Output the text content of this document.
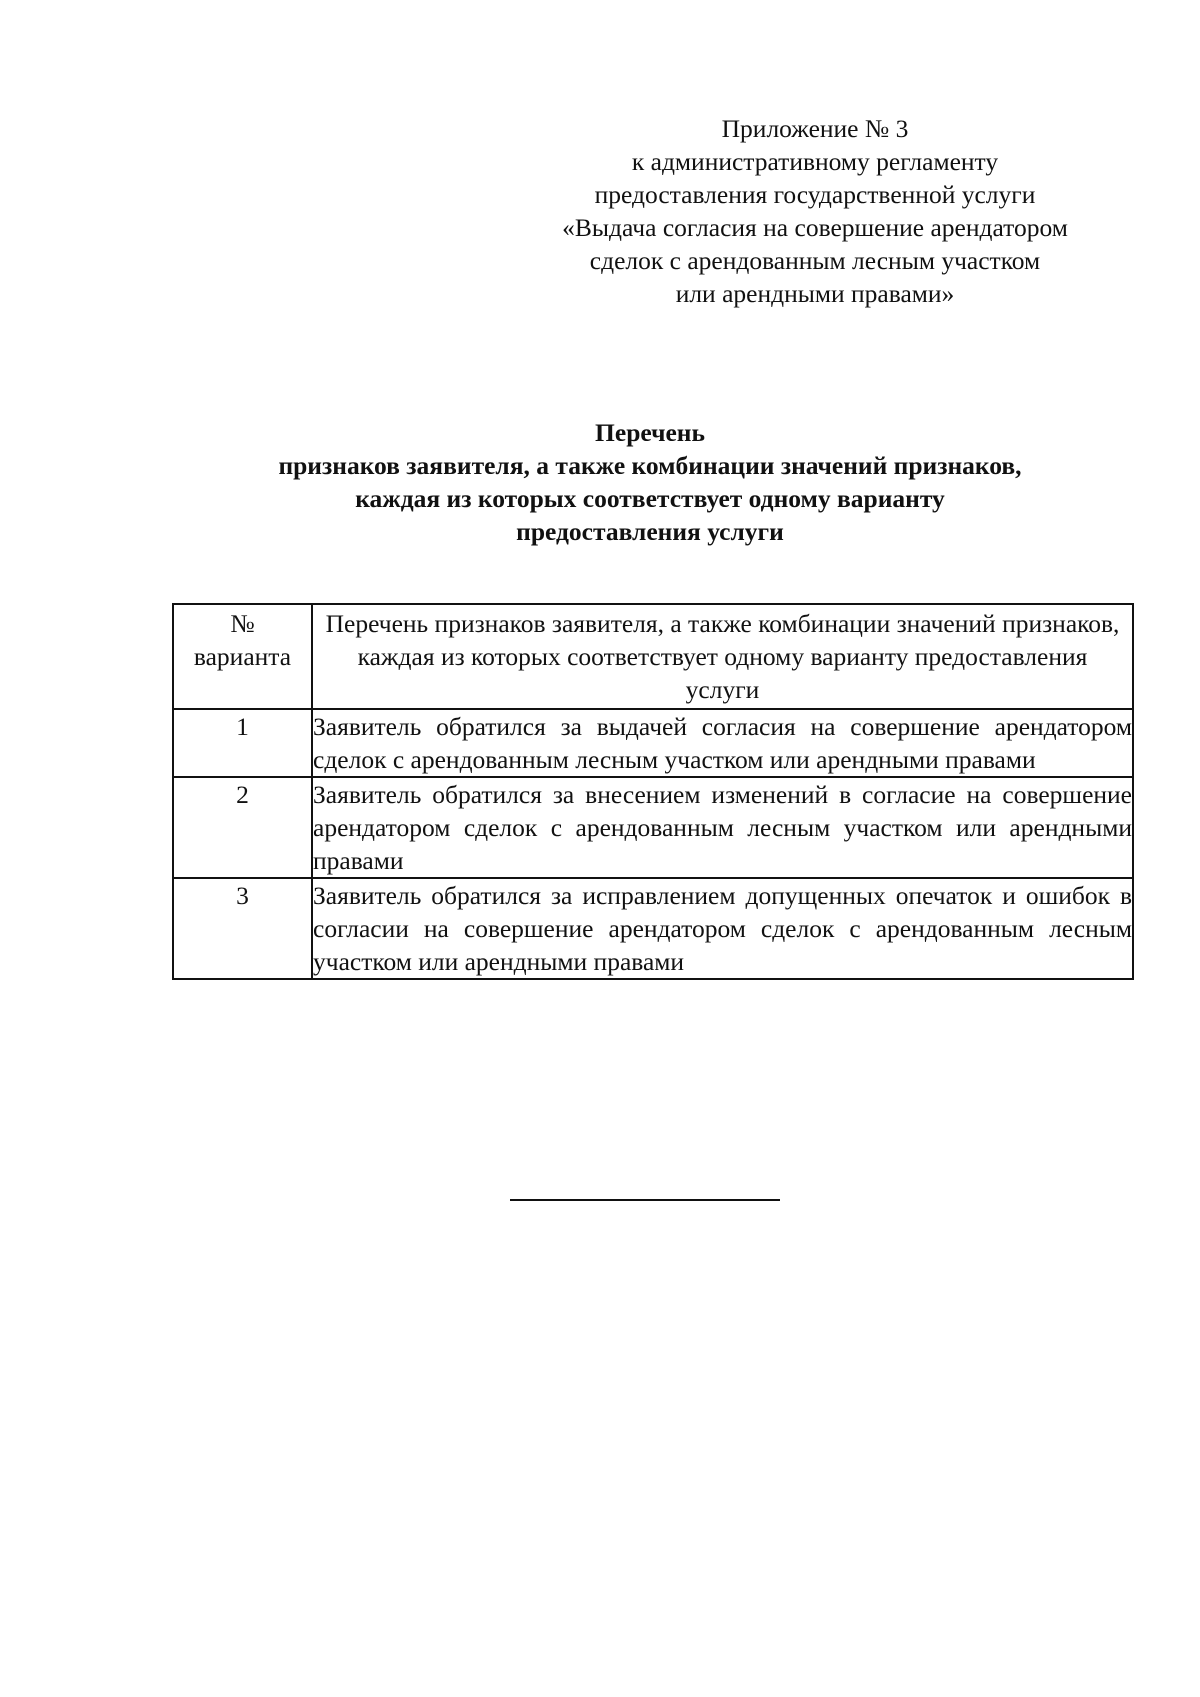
Приложение № 3
к административному регламенту
предоставления государственной услуги
«Выдача согласия на совершение арендатором
сделок с арендованным лесным участком
или арендными правами»
Перечень
признаков заявителя, а также комбинации значений признаков,
каждая из которых соответствует одному варианту
предоставления услуги
№
варианта	Перечень признаков заявителя, а также комбинации значений признаков, каждая из которых соответствует одному варианту предоставления услуги
1	Заявитель обратился за выдачей согласия на совершение арендатором сделок с арендованным лесным участком или арендными правами
2	Заявитель обратился за внесением изменений в согласие на совершение арендатором сделок с арендованным лесным участком или арендными правами
3	Заявитель обратился за исправлением допущенных опечаток и ошибок в согласии на совершение арендатором сделок с арендованным лесным участком или арендными правами
